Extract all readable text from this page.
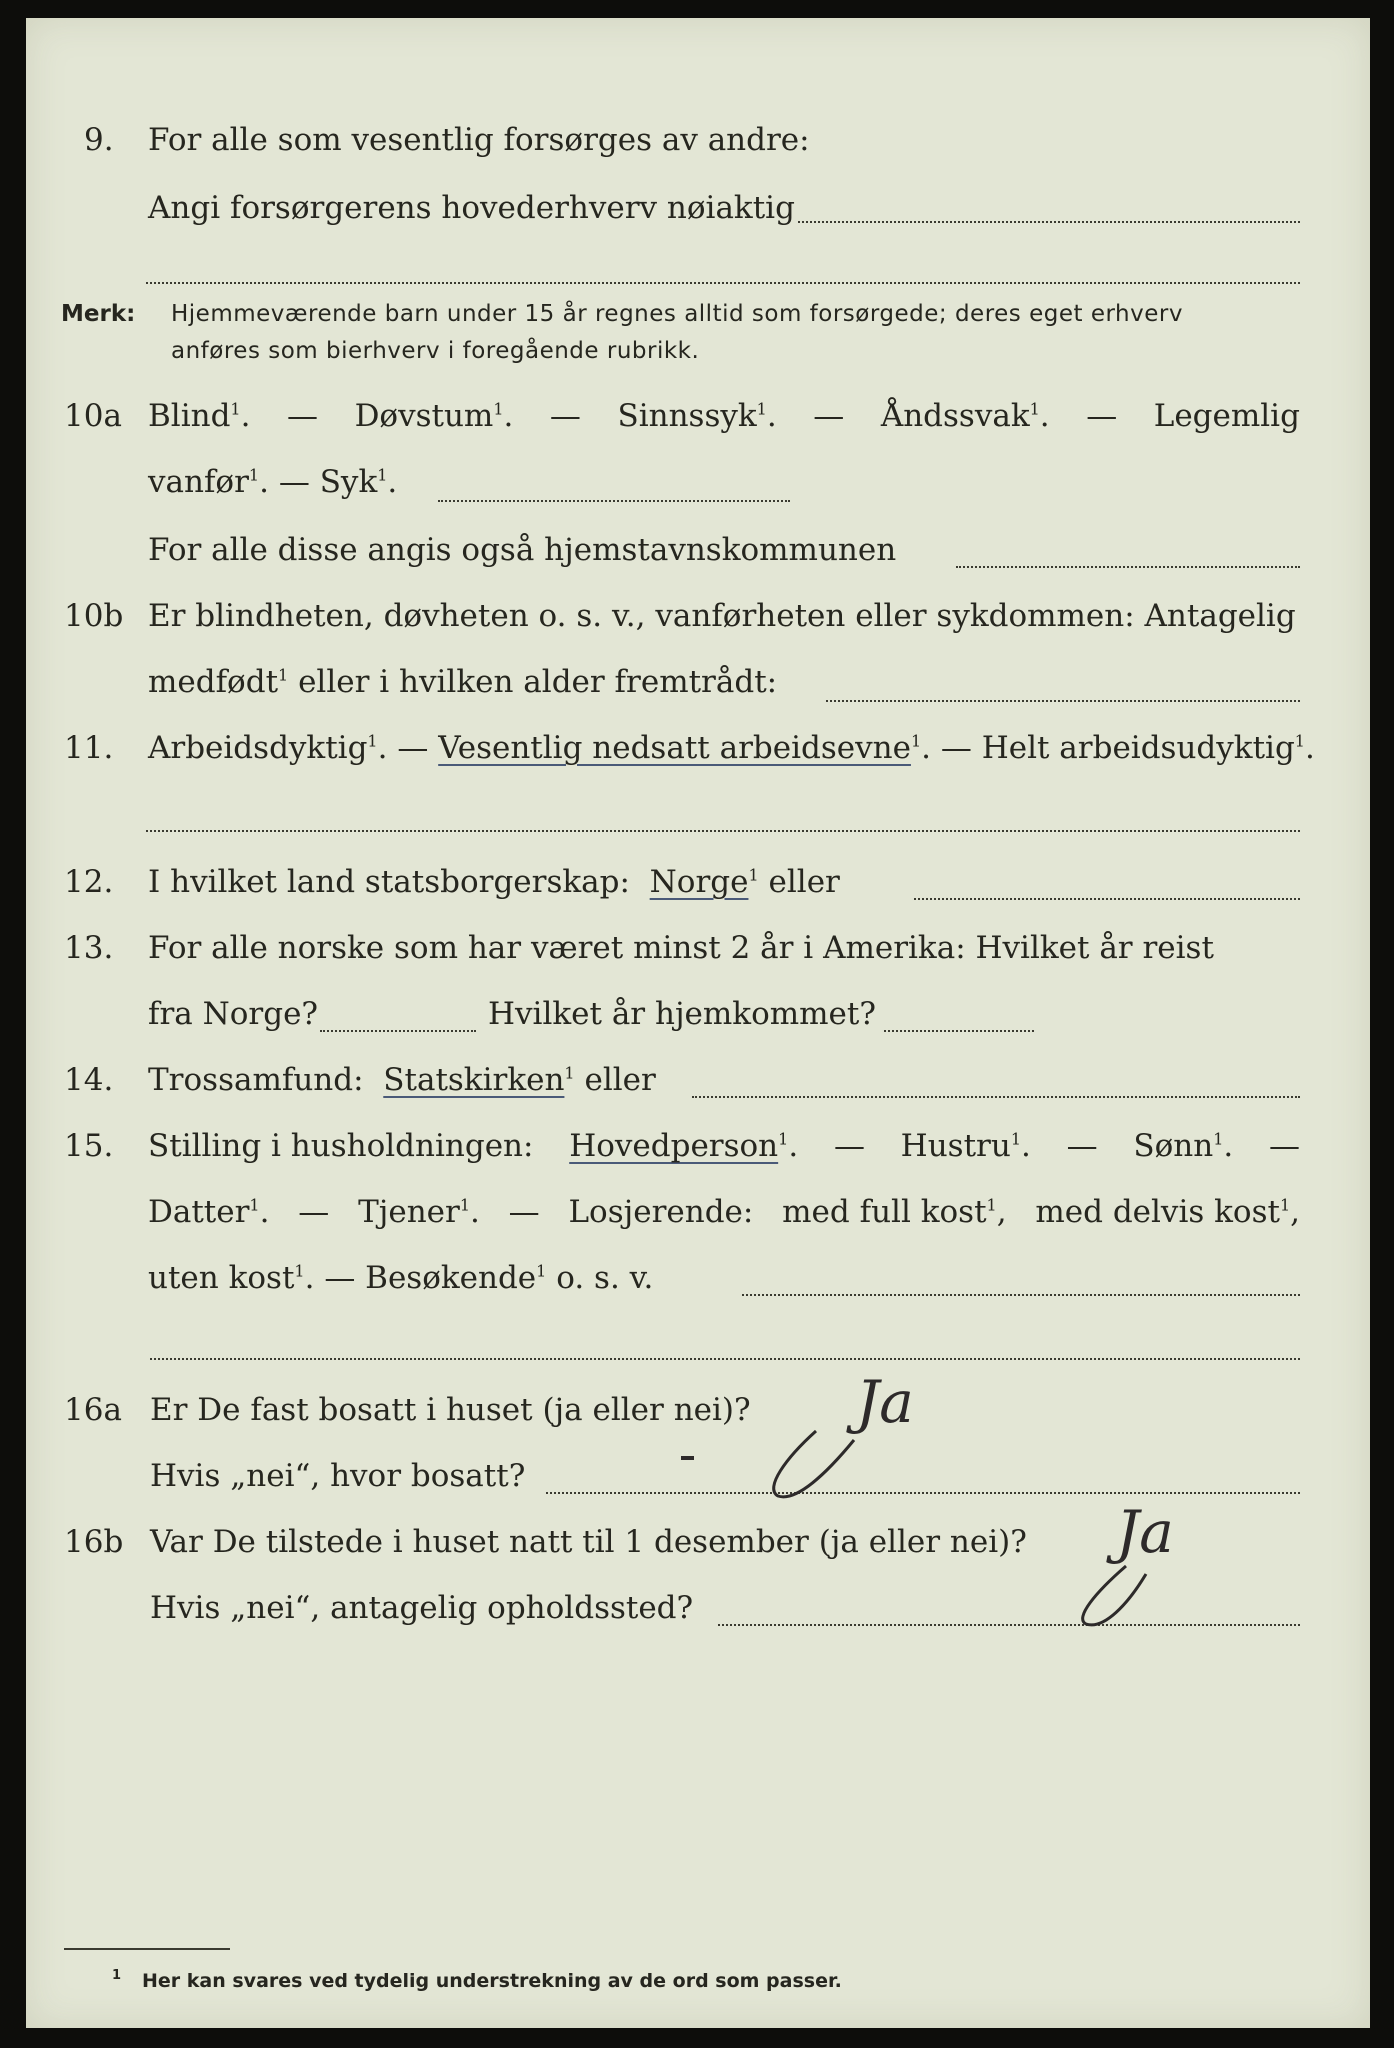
9. For alle som vesentlig forsørges av andre:
Angi forsørgerens hovederhverv nøiaktig
Merk: Hjemmeværende barn under 15 år regnes alltid som forsørgede; deres eget erhverv
anføres som bierhverv i foregående rubrikk.
10a Blind$^1$. — Døvstum$^1$. — Sinnssyk$^1$. — Åndssvak$^1$. — Legemlig
vanfør$^1$. — Syk$^1$.
For alle disse angis også hjemstavnskommunen
10b Er blindheten, døvheten o. s. v., vanførheten eller sykdommen: Antagelig
medfødt$^1$ eller i hvilken alder fremtrådt:
11. Arbeidsdyktig$^1$. — Vesentlig nedsatt arbeidsevne$^1$. — Helt arbeidsudyktig$^1$.
12. I hvilket land statsborgerskap: Norge$^1$ eller
13. For alle norske som har været minst 2 år i Amerika: Hvilket år reist
fra Norge?	Hvilket år hjemkommet?
14. Trossamfund: Statskirken$^1$ eller
15. Stilling i husholdningen: Hovedperson$^1$. — Hustru$^1$. — Sønn$^1$. —
Datter$^1$. — Tjener$^1$. — Losjerende: med full kost$^1$, med delvis kost$^1$,
uten kost$^1$. — Besøkende$^1$ o. s. v.
16a Er De fast bosatt i huset (ja eller nei)?
Hvis „nei“, hvor bosatt?
Ja
16b Var De tilstede i huset natt til 1 desember (ja eller nei)?
Hvis „nei“, antagelig opholdssted?
Ja
1 Her kan svares ved tydelig understrekning av de ord som passer.
